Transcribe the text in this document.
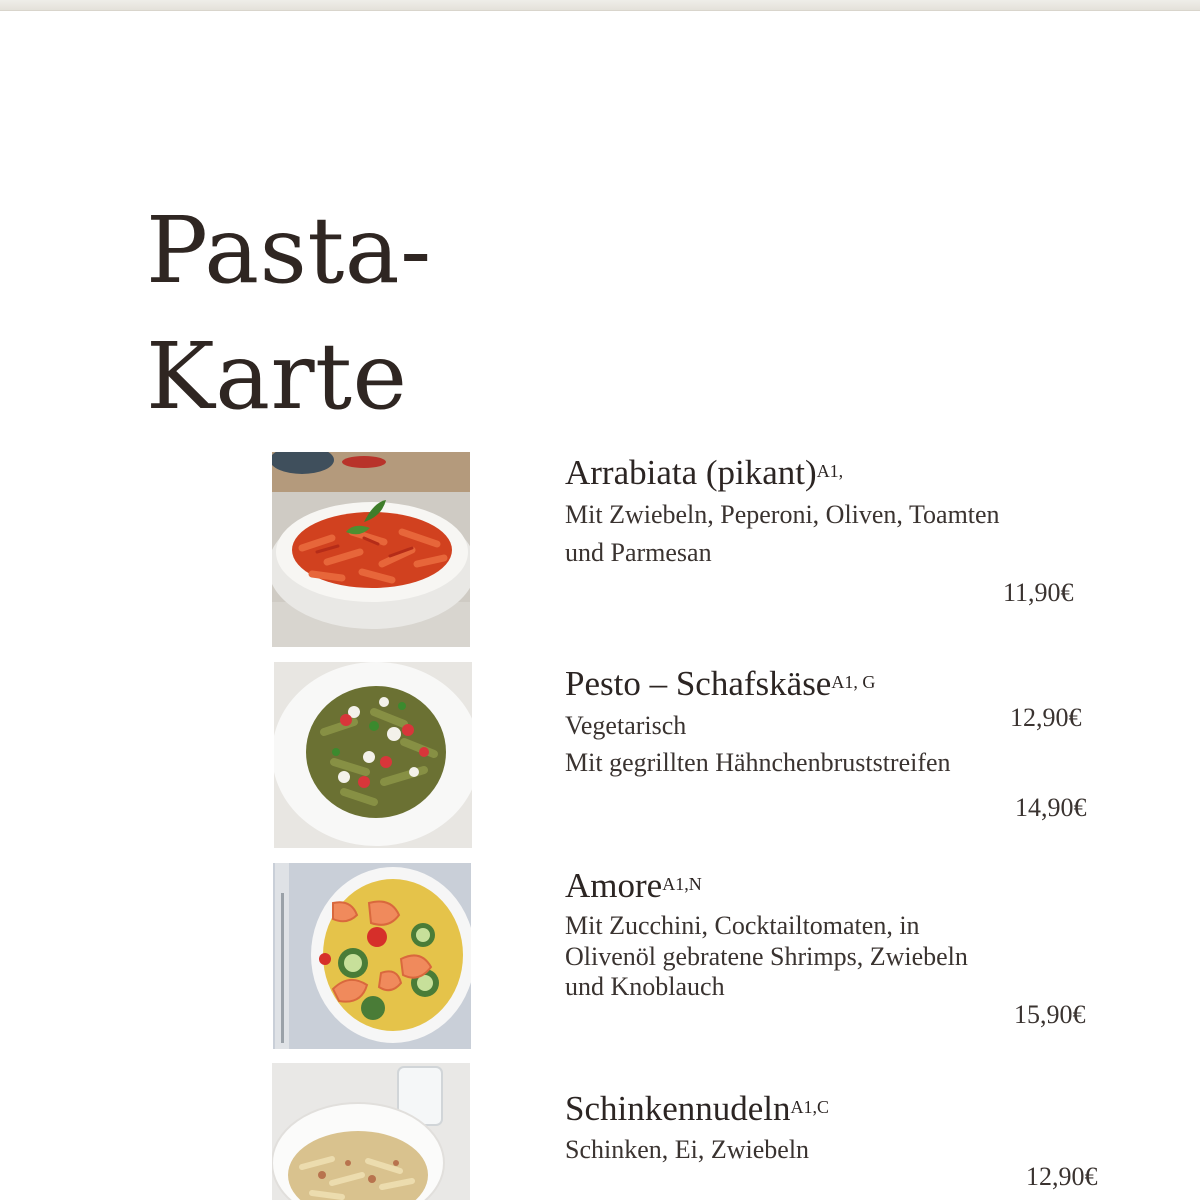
Pasta-
Karte
Arrabiata (pikant)$^{A1,}$
Mit Zwiebeln, Peperoni, Oliven, Toamten
und Parmesan
11,90€
Pesto – Schafskäse$^{A1, G}$
Vegetarisch	12,90€
Mit gegrillten Hähnchenbruststreifen
14,90€
Amore$^{A1,N}$
Mit Zucchini, Cocktailtomaten, in
Olivenöl gebratene Shrimps, Zwiebeln
und Knoblauch
15,90€
Schinkennudeln$^{A1,C}$
Schinken, Ei, Zwiebeln
12,90€
